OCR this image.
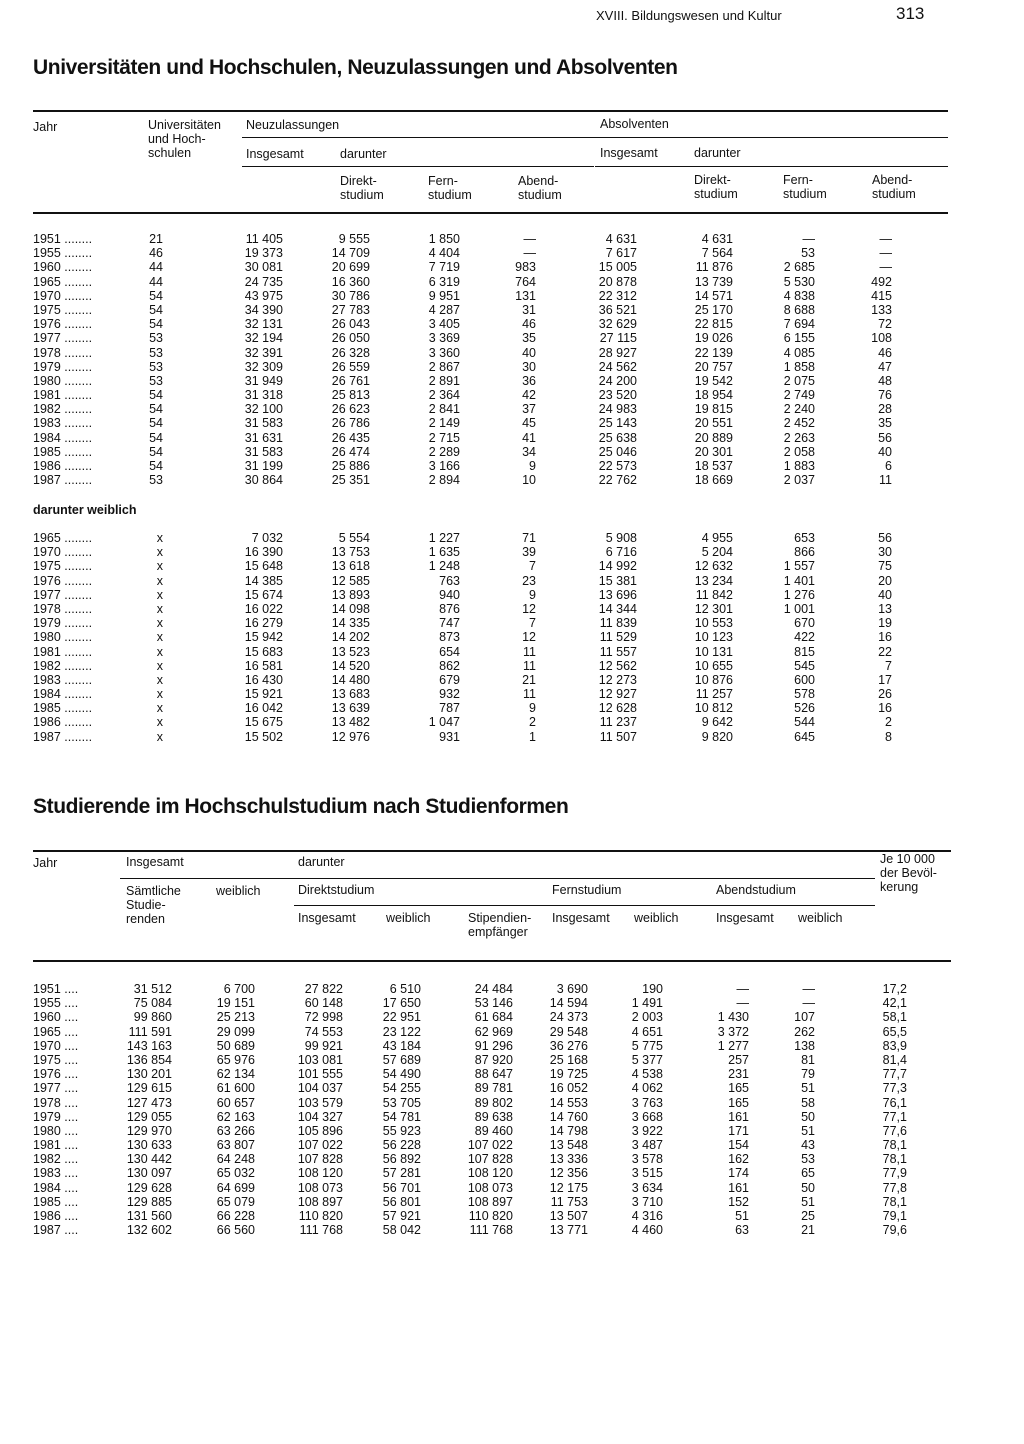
XVIII. Bildungswesen und Kultur	313
Universitäten und Hochschulen, Neuzulassungen und Absolventen
Jahr	Universitäten und Hoch- schulen
Neuzulassungen
Insgesamt	darunter
Direkt- studium
Fern- studium
Abend- studium
Absolventen
Insgesamt	darunter
Direkt- studium
Fern- studium
Abend- studium
1951 ........	21	11 405	9 555	1 850	—	4 631	4 631	—	—
1955 ........	46	19 373	14 709	4 404	—	7 617	7 564	53	—
1960 ........	44	30 081	20 699	7 719	983	15 005	11 876	2 685	—
1965 ........	44	24 735	16 360	6 319	764	20 878	13 739	5 530	492
1970 ........	54	43 975	30 786	9 951	131	22 312	14 571	4 838	415
1975 ........	54	34 390	27 783	4 287	31	36 521	25 170	8 688	133
1976 ........	54	32 131	26 043	3 405	46	32 629	22 815	7 694	72
1977 ........	53	32 194	26 050	3 369	35	27 115	19 026	6 155	108
1978 ........	53	32 391	26 328	3 360	40	28 927	22 139	4 085	46
1979 ........	53	32 309	26 559	2 867	30	24 562	20 757	1 858	47
1980 ........	53	31 949	26 761	2 891	36	24 200	19 542	2 075	48
1981 ........	54	31 318	25 813	2 364	42	23 520	18 954	2 749	76
1982 ........	54	32 100	26 623	2 841	37	24 983	19 815	2 240	28
1983 ........	54	31 583	26 786	2 149	45	25 143	20 551	2 452	35
1984 ........	54	31 631	26 435	2 715	41	25 638	20 889	2 263	56
1985 ........	54	31 583	26 474	2 289	34	25 046	20 301	2 058	40
1986 ........	54	31 199	25 886	3 166	9	22 573	18 537	1 883	6
1987 ........	53	30 864	25 351	2 894	10	22 762	18 669	2 037	11
darunter weiblich
1965 ........	x	7 032	5 554	1 227	71	5 908	4 955	653	56
1970 ........	x	16 390	13 753	1 635	39	6 716	5 204	866	30
1975 ........	x	15 648	13 618	1 248	7	14 992	12 632	1 557	75
1976 ........	x	14 385	12 585	763	23	15 381	13 234	1 401	20
1977 ........	x	15 674	13 893	940	9	13 696	11 842	1 276	40
1978 ........	x	16 022	14 098	876	12	14 344	12 301	1 001	13
1979 ........	x	16 279	14 335	747	7	11 839	10 553	670	19
1980 ........	x	15 942	14 202	873	12	11 529	10 123	422	16
1981 ........	x	15 683	13 523	654	11	11 557	10 131	815	22
1982 ........	x	16 581	14 520	862	11	12 562	10 655	545	7
1983 ........	x	16 430	14 480	679	21	12 273	10 876	600	17
1984 ........	x	15 921	13 683	932	11	12 927	11 257	578	26
1985 ........	x	16 042	13 639	787	9	12 628	10 812	526	16
1986 ........	x	15 675	13 482	1 047	2	11 237	9 642	544	2
1987 ........	x	15 502	12 976	931	1	11 507	9 820	645	8
Studierende im Hochschulstudium nach Studienformen
Jahr	Insgesamt	darunter
Sämtliche Studie- renden
weiblich	Direktstudium	Fernstudium	Abendstudium
Insgesamt weiblich	Stipendien- empfänger
Insgesamt weiblich	Insgesamt weiblich
Je 10 000 der Bevöl- kerung
1951 ....	31 512	6 700	27 822	6 510	24 484	3 690	190	—	—	17,2
1955 ....	75 084	19 151	60 148	17 650	53 146	14 594	1 491	—	—	42,1
1960 ....	99 860	25 213	72 998	22 951	61 684	24 373	2 003	1 430	107	58,1
1965 ....	111 591	29 099	74 553	23 122	62 969	29 548	4 651	3 372	262	65,5
1970 ....	143 163	50 689	99 921	43 184	91 296	36 276	5 775	1 277	138	83,9
1975 ....	136 854	65 976	103 081	57 689	87 920	25 168	5 377	257	81	81,4
1976 ....	130 201	62 134	101 555	54 490	88 647	19 725	4 538	231	79	77,7
1977 ....	129 615	61 600	104 037	54 255	89 781	16 052	4 062	165	51	77,3
1978 ....	127 473	60 657	103 579	53 705	89 802	14 553	3 763	165	58	76,1
1979 ....	129 055	62 163	104 327	54 781	89 638	14 760	3 668	161	50	77,1
1980 ....	129 970	63 266	105 896	55 923	89 460	14 798	3 922	171	51	77,6
1981 ....	130 633	63 807	107 022	56 228	107 022	13 548	3 487	154	43	78,1
1982 ....	130 442	64 248	107 828	56 892	107 828	13 336	3 578	162	53	78,1
1983 ....	130 097	65 032	108 120	57 281	108 120	12 356	3 515	174	65	77,9
1984 ....	129 628	64 699	108 073	56 701	108 073	12 175	3 634	161	50	77,8
1985 ....	129 885	65 079	108 897	56 801	108 897	11 753	3 710	152	51	78,1
1986 ....	131 560	66 228	110 820	57 921	110 820	13 507	4 316	51	25	79,1
1987 ....	132 602	66 560	111 768	58 042	111 768	13 771	4 460	63	21	79,6
